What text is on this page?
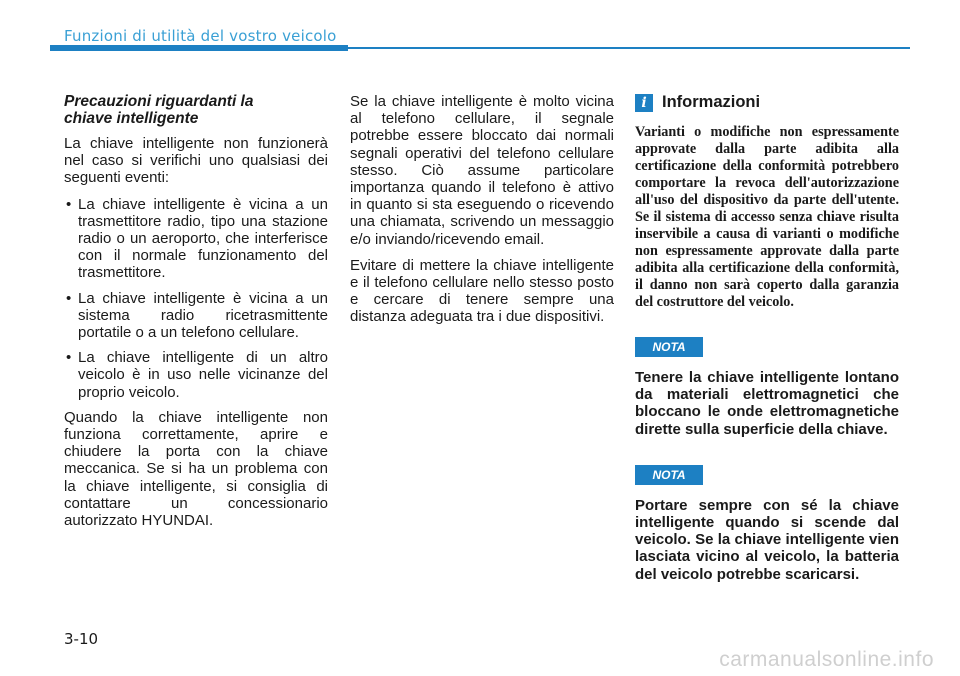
Funzioni di utilità del vostro veicolo
Precauzioni riguardanti la
chiave intelligente

La chiave intelligente non funzionerà nel caso si verifichi uno qualsiasi dei seguenti eventi:

• La chiave intelligente è vicina a un trasmettitore radio, tipo una stazione radio o un aeroporto, che interferisce con il normale funzionamento del trasmettitore.
• La chiave intelligente è vicina a un sistema radio ricetrasmittente portatile o a un telefono cellulare.
• La chiave intelligente di un altro veicolo è in uso nelle vicinanze del proprio veicolo.

Quando la chiave intelligente non funziona correttamente, aprire e chiudere la porta con la chiave meccanica. Se si ha un problema con la chiave intelligente, si consiglia di contattare un concessionario autorizzato HYUNDAI.

Se la chiave intelligente è molto vicina al telefono cellulare, il segnale potrebbe essere bloccato dai normali segnali operativi del telefono cellulare stesso. Ciò assume particolare importanza quando il telefono è attivo in quanto si sta eseguendo o ricevendo una chiamata, scrivendo un messaggio e/o inviando/ricevendo email.

Evitare di mettere la chiave intelligente e il telefono cellulare nello stesso posto e cercare di tenere sempre una distanza adeguata tra i due dispositivi.

i Informazioni

Varianti o modifiche non espressamente approvate dalla parte adibita alla certificazione della conformità potrebbero comportare la revoca dell'autorizzazione all'uso del dispositivo da parte dell'utente. Se il sistema di accesso senza chiave risulta inservibile a causa di varianti o modifiche non espressamente approvate dalla parte adibita alla certificazione della conformità, il danno non sarà coperto dalla garanzia del costruttore del veicolo.

NOTA

Tenere la chiave intelligente lontano da materiali elettromagnetici che bloccano le onde elettromagnetiche dirette sulla superficie della chiave.

NOTA

Portare sempre con sé la chiave intelligente quando si scende dal veicolo. Se la chiave intelligente vien lasciata vicino al veicolo, la batteria del veicolo potrebbe scaricarsi.

3-10
carmanualsonline.info
